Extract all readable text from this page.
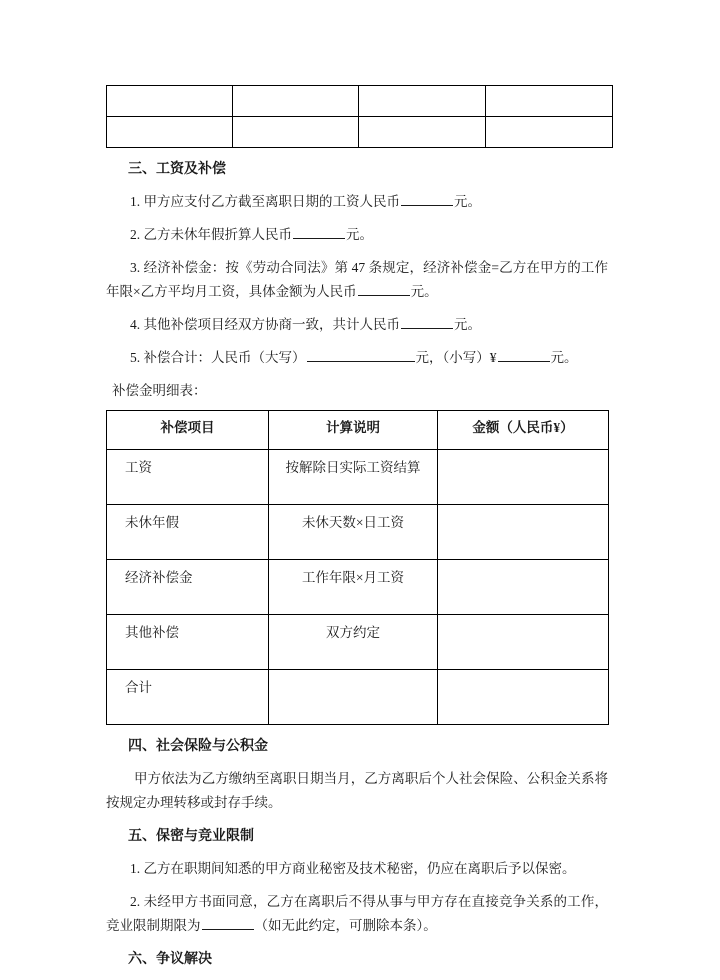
三、工资及补偿

1. 甲方应支付乙方截至离职日期的工资人民币	元。

2. 乙方未休年假折算人民币	元。

3. 经济补偿金：按《劳动合同法》第 47 条规定，经济补偿金=乙方在甲方的工作年限×乙方平均月工资，具体金额为人民币	元。

4. 其他补偿项目经双方协商一致，共计人民币	元。

5. 补偿合计：人民币（大写）	元，（小写）¥	元。

补偿金明细表：
补偿项目	计算说明	金额（人民币¥）
工资	按解除日实际工资结算	
未休年假	未休天数×日工资	
经济补偿金	工作年限×月工资	
其他补偿	双方约定	
合计		
四、社会保险与公积金

甲方依法为乙方缴纳至离职日期当月，乙方离职后个人社会保险、公积金关系将按规定办理转移或封存手续。

五、保密与竞业限制

1. 乙方在职期间知悉的甲方商业秘密及技术秘密，仍应在离职后予以保密。

2. 未经甲方书面同意，乙方在离职后不得从事与甲方存在直接竞争关系的工作，竞业限制期限为	（如无此约定，可删除本条）。

六、争议解决
